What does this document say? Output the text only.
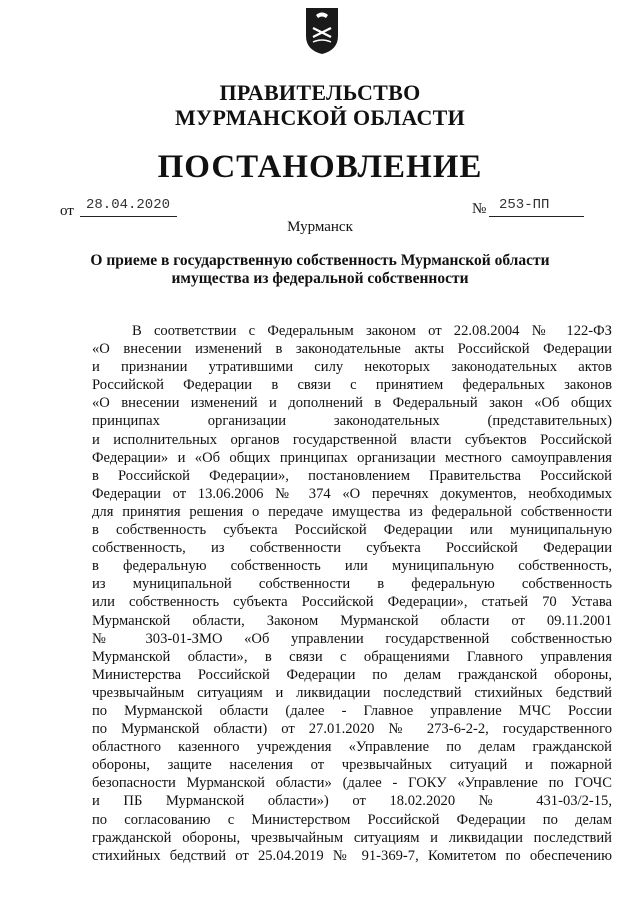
ПРАВИТЕЛЬСТВО
МУРМАНСКОЙ ОБЛАСТИ
ПОСТАНОВЛЕНИЕ
от 28.04.2020	№ 253-ПП
Мурманск
О приеме в государственную собственность Мурманской области
имущества из федеральной собственности
В соответствии с Федеральным законом от 22.08.2004 № 122-ФЗ
«О внесении изменений в законодательные акты Российской Федерации
и признании утратившими силу некоторых законодательных актов
Российской Федерации в связи с принятием федеральных законов
«О внесении изменений и дополнений в Федеральный закон «Об общих
принципах организации законодательных (представительных)
и исполнительных органов государственной власти субъектов Российской
Федерации» и «Об общих принципах организации местного самоуправления
в Российской Федерации», постановлением Правительства Российской
Федерации от 13.06.2006 № 374 «О перечнях документов, необходимых
для принятия решения о передаче имущества из федеральной собственности
в собственность субъекта Российской Федерации или муниципальную
собственность, из собственности субъекта Российской Федерации
в федеральную собственность или муниципальную собственность,
из муниципальной собственности в федеральную собственность
или собственность субъекта Российской Федерации», статьей 70 Устава
Мурманской области, Законом Мурманской области от 09.11.2001
№ 303-01-ЗМО «Об управлении государственной собственностью
Мурманской области», в связи с обращениями Главного управления
Министерства Российской Федерации по делам гражданской обороны,
чрезвычайным ситуациям и ликвидации последствий стихийных бедствий
по Мурманской области (далее - Главное управление МЧС России
по Мурманской области) от 27.01.2020 № 273-6-2-2, государственного
областного казенного учреждения «Управление по делам гражданской
обороны, защите населения от чрезвычайных ситуаций и пожарной
безопасности Мурманской области» (далее - ГОКУ «Управление по ГОЧС
и ПБ Мурманской области») от 18.02.2020 № 431-03/2-15,
по согласованию с Министерством Российской Федерации по делам
гражданской обороны, чрезвычайным ситуациям и ликвидации последствий
стихийных бедствий от 25.04.2019 № 91-369-7, Комитетом по обеспечению
